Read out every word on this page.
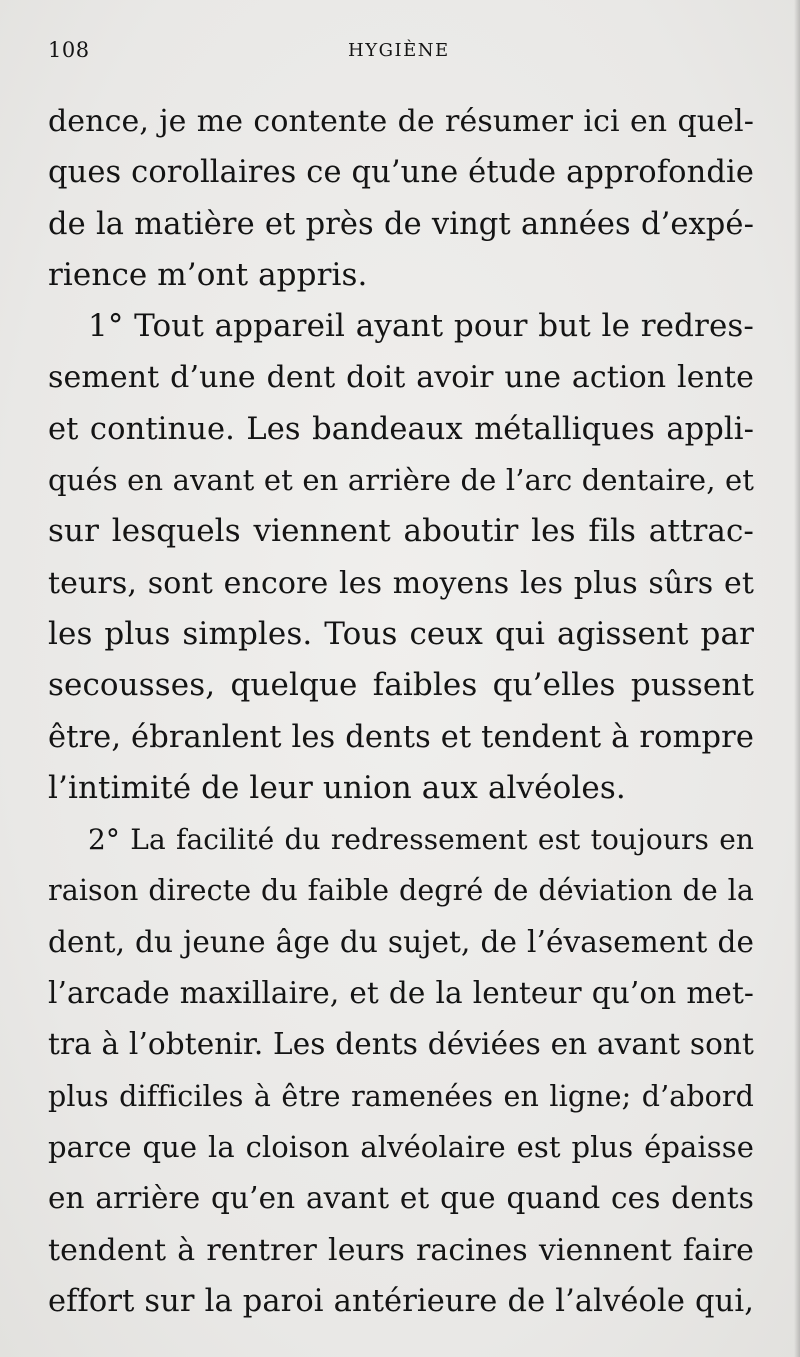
108	HYGIÈNE
dence, je me contente de résumer ici en quel-
ques corollaires ce qu’une étude approfondie
de la matière et près de vingt années d’expé-
rience m’ont appris.
1° Tout appareil ayant pour but le redres-
sement d’une dent doit avoir une action lente
et continue. Les bandeaux métalliques appli-
qués en avant et en arrière de l’arc dentaire, et
sur lesquels viennent aboutir les fils attrac-
teurs, sont encore les moyens les plus sûrs et
les plus simples. Tous ceux qui agissent par
secousses, quelque faibles qu’elles pussent
être, ébranlent les dents et tendent à rompre
l’intimité de leur union aux alvéoles.
2° La facilité du redressement est toujours en
raison directe du faible degré de déviation de la
dent, du jeune âge du sujet, de l’évasement de
l’arcade maxillaire, et de la lenteur qu’on met-
tra à l’obtenir. Les dents déviées en avant sont
plus difficiles à être ramenées en ligne; d’abord
parce que la cloison alvéolaire est plus épaisse
en arrière qu’en avant et que quand ces dents
tendent à rentrer leurs racines viennent faire
effort sur la paroi antérieure de l’alvéole qui,
